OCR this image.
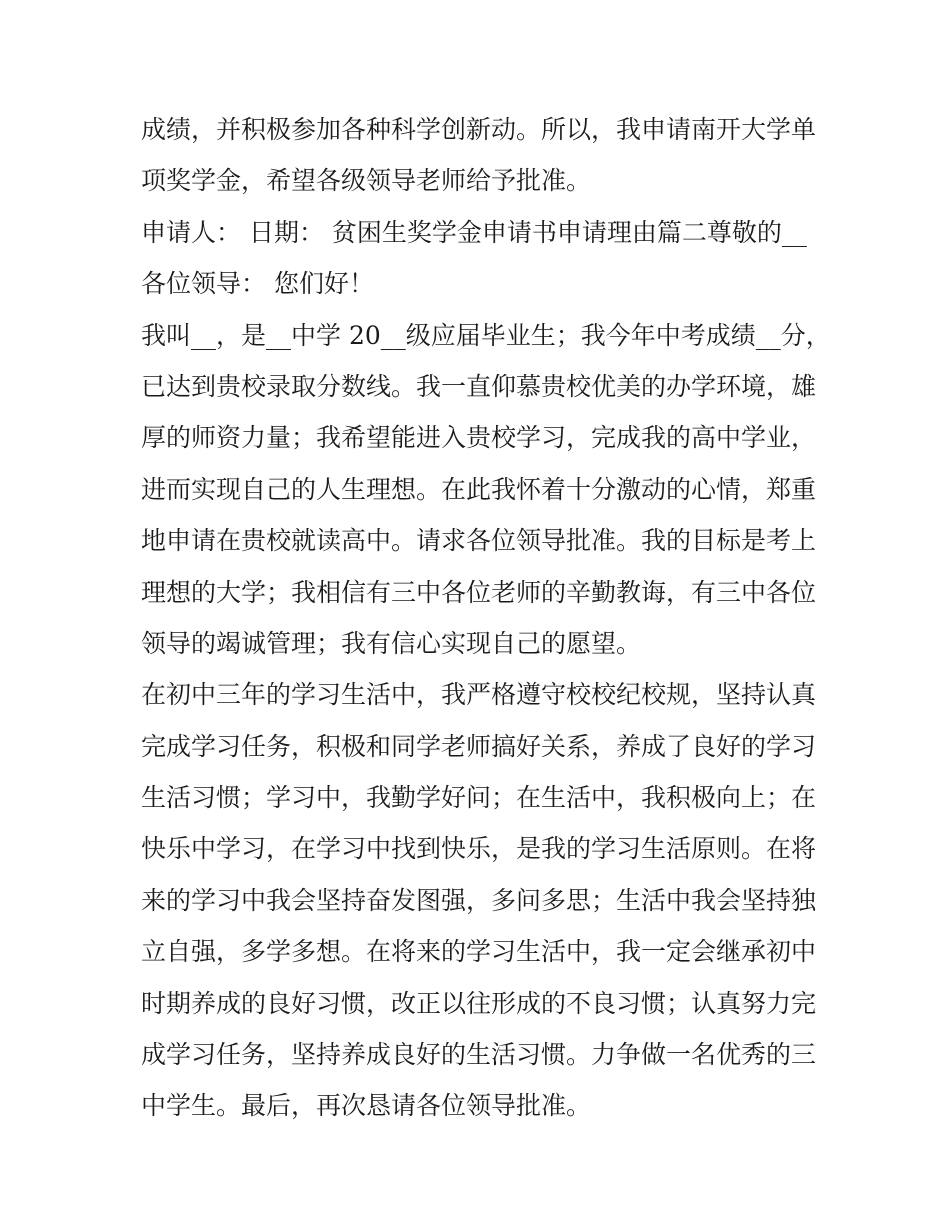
成绩，并积极参加各种科学创新动。所以，我申请南开大学单
项奖学金，希望各级领导老师给予批准。
申请人： 日期： 贫困生奖学金申请书申请理由篇二尊敬的__
各位领导： 您们好！
我叫__，是__中学 20__级应届毕业生；我今年中考成绩__分，
已达到贵校录取分数线。我一直仰慕贵校优美的办学环境，雄
厚的师资力量；我希望能进入贵校学习，完成我的高中学业，
进而实现自己的人生理想。在此我怀着十分激动的心情，郑重
地申请在贵校就读高中。请求各位领导批准。我的目标是考上
理想的大学；我相信有三中各位老师的辛勤教诲，有三中各位
领导的竭诚管理；我有信心实现自己的愿望。
在初中三年的学习生活中，我严格遵守校校纪校规，坚持认真
完成学习任务，积极和同学老师搞好关系，养成了良好的学习
生活习惯；学习中，我勤学好问；在生活中，我积极向上；在
快乐中学习，在学习中找到快乐，是我的学习生活原则。在将
来的学习中我会坚持奋发图强，多问多思；生活中我会坚持独
立自强，多学多想。在将来的学习生活中，我一定会继承初中
时期养成的良好习惯，改正以往形成的不良习惯；认真努力完
成学习任务，坚持养成良好的生活习惯。力争做一名优秀的三
中学生。最后，再次恳请各位领导批准。
